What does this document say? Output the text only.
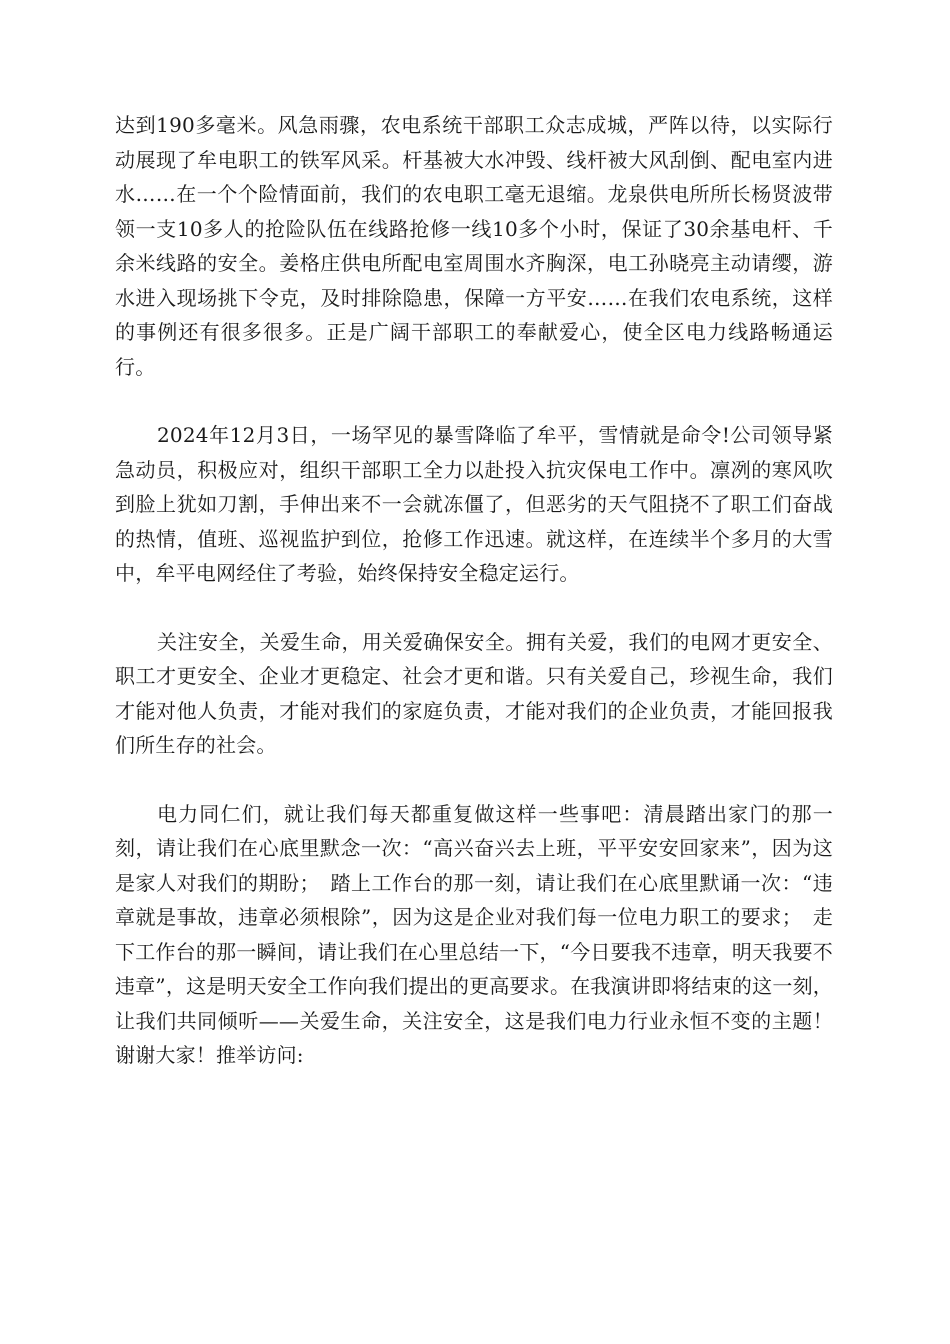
达到190多毫米。风急雨骤，农电系统干部职工众志成城，严阵以待，以实际行动展现了牟电职工的铁军风采。杆基被大水冲毁、线杆被大风刮倒、配电室内进水……在一个个险情面前，我们的农电职工毫无退缩。龙泉供电所所长杨贤波带领一支10多人的抢险队伍在线路抢修一线10多个小时，保证了30余基电杆、千余米线路的安全。姜格庄供电所配电室周围水齐胸深，电工孙晓亮主动请缨，游水进入现场挑下令克，及时排除隐患，保障一方平安……在我们农电系统，这样的事例还有很多很多。正是广阔干部职工的奉献爱心，使全区电力线路畅通运行。

2024年12月3日，一场罕见的暴雪降临了牟平，雪情就是命令!公司领导紧急动员，积极应对，组织干部职工全力以赴投入抗灾保电工作中。凛冽的寒风吹到脸上犹如刀割，手伸出来不一会就冻僵了，但恶劣的天气阻挠不了职工们奋战的热情，值班、巡视监护到位，抢修工作迅速。就这样，在连续半个多月的大雪中，牟平电网经住了考验，始终保持安全稳定运行。

关注安全，关爱生命，用关爱确保安全。拥有关爱，我们的电网才更安全、职工才更安全、企业才更稳定、社会才更和谐。只有关爱自己，珍视生命，我们才能对他人负责，才能对我们的家庭负责，才能对我们的企业负责，才能回报我们所生存的社会。

电力同仁们，就让我们每天都重复做这样一些事吧：清晨踏出家门的那一刻，请让我们在心底里默念一次：“高兴奋兴去上班，平平安安回家来”，因为这是家人对我们的期盼；　踏上工作台的那一刻，请让我们在心底里默诵一次：“违章就是事故，违章必须根除”，因为这是企业对我们每一位电力职工的要求；　走下工作台的那一瞬间，请让我们在心里总结一下，“今日要我不违章，明天我要不违章”，这是明天安全工作向我们提出的更高要求。在我演讲即将结束的这一刻，让我们共同倾听——关爱生命，关注安全，这是我们电力行业永恒不变的主题！　谢谢大家！推举访问:
